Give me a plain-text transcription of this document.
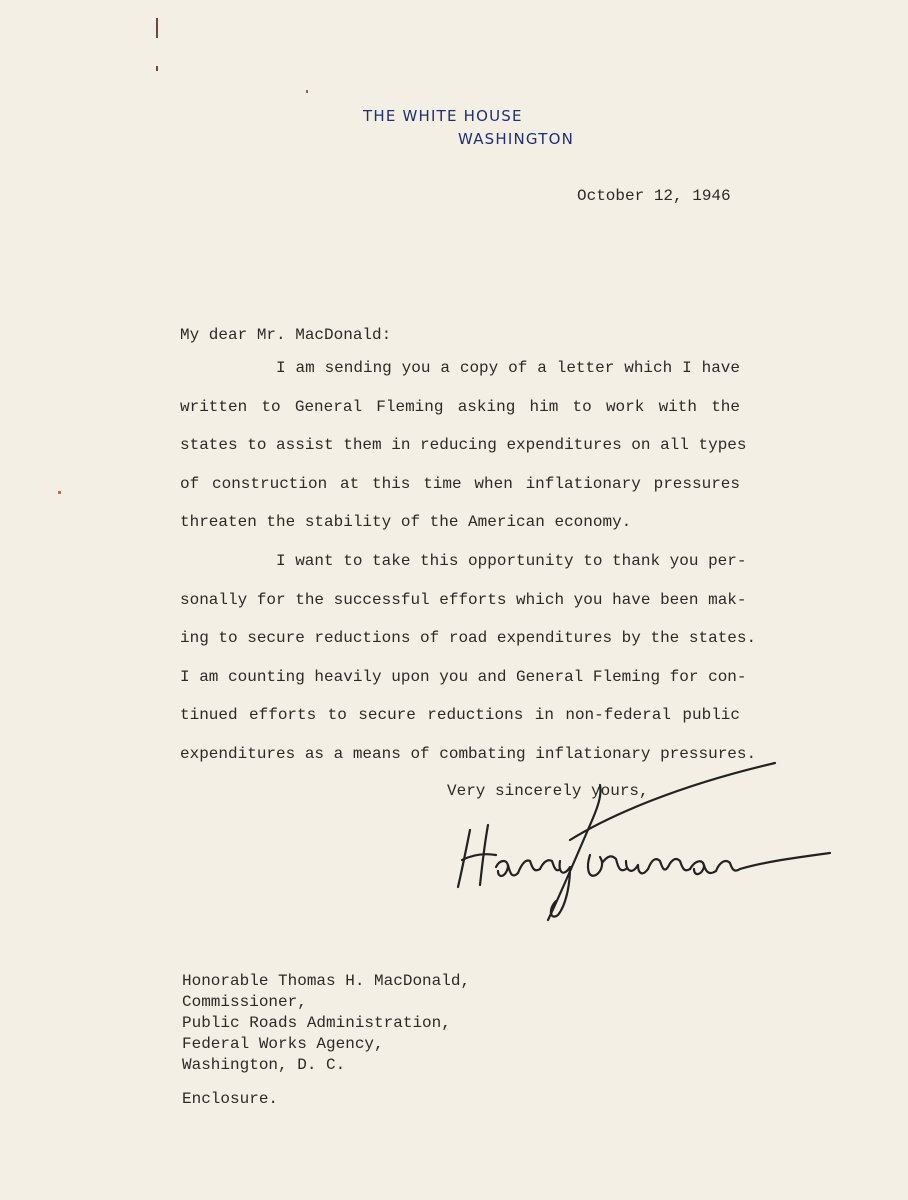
THE WHITE HOUSE
WASHINGTON
October 12, 1946
My dear Mr. MacDonald:
I am sending you a copy of a letter which I have
written to General Fleming asking him to work with the
states to assist them in reducing expenditures on all types
of construction at this time when inflationary pressures
threaten the stability of the American economy.
I want to take this opportunity to thank you per-
sonally for the successful efforts which you have been mak-
ing to secure reductions of road expenditures by the states.
I am counting heavily upon you and General Fleming for con-
tinued efforts to secure reductions in non-federal public
expenditures as a means of combating inflationary pressures.
Very sincerely yours,
Honorable Thomas H. MacDonald,
Commissioner,
Public Roads Administration,
Federal Works Agency,
Washington, D. C.
Enclosure.
